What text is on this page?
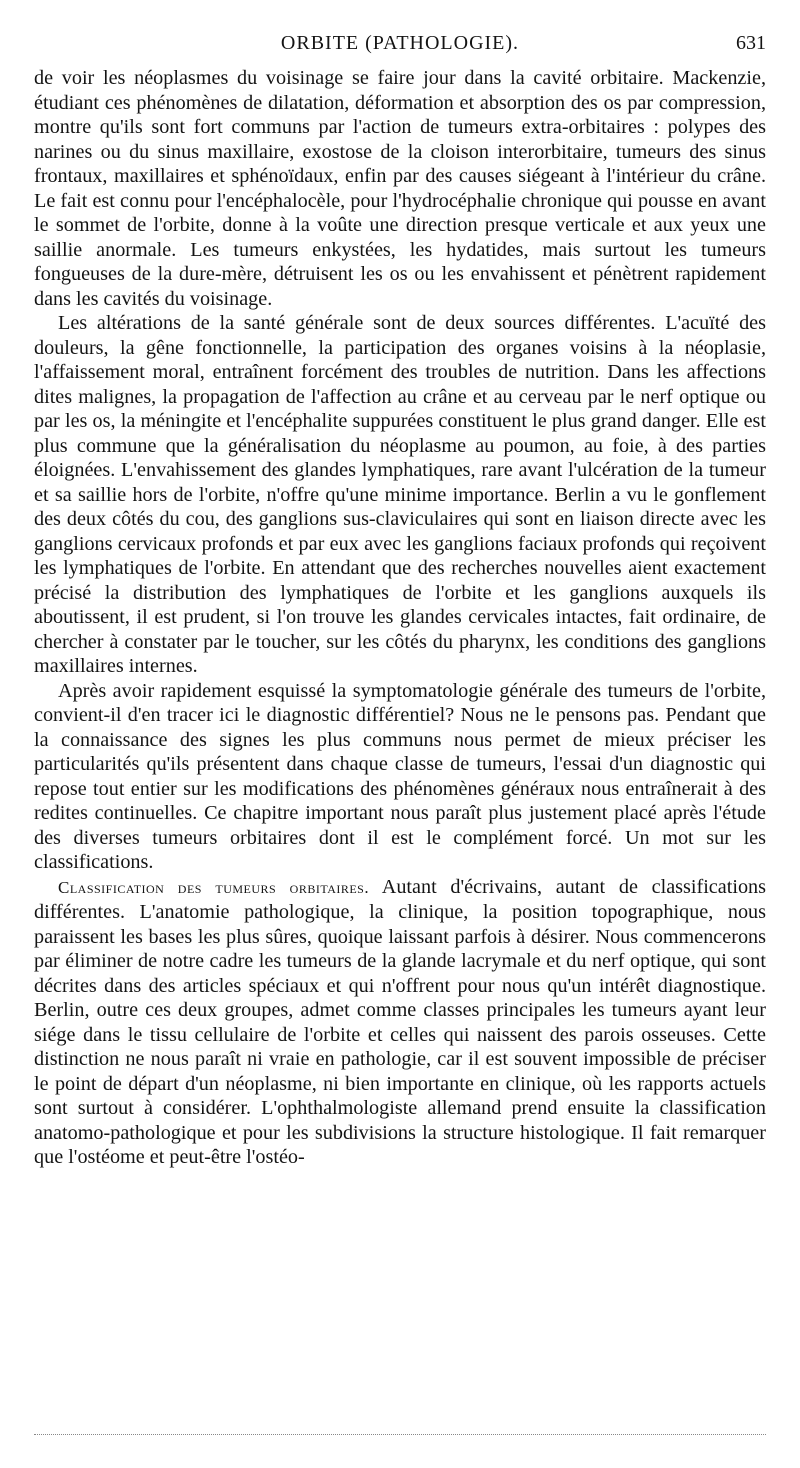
ORBITE (PATHOLOGIE).	631

de voir les néoplasmes du voisinage se faire jour dans la cavité orbitaire. Mackenzie, étudiant ces phénomènes de dilatation, déformation et absorption des os par compression, montre qu'ils sont fort communs par l'action de tumeurs extra-orbitaires : polypes des narines ou du sinus maxillaire, exostose de la cloison interorbitaire, tumeurs des sinus frontaux, maxillaires et sphénoïdaux, enfin par des causes siégeant à l'intérieur du crâne. Le fait est connu pour l'encéphalocèle, pour l'hydrocéphalie chronique qui pousse en avant le sommet de l'orbite, donne à la voûte une direction presque verticale et aux yeux une saillie anormale. Les tumeurs enkystées, les hydatides, mais surtout les tumeurs fongueuses de la dure-mère, détruisent les os ou les envahissent et pénètrent rapidement dans les cavités du voisinage.

Les altérations de la santé générale sont de deux sources différentes. L'acuïté des douleurs, la gêne fonctionnelle, la participation des organes voisins à la néoplasie, l'affaissement moral, entraînent forcément des troubles de nutrition. Dans les affections dites malignes, la propagation de l'affection au crâne et au cerveau par le nerf optique ou par les os, la méningite et l'encéphalite suppurées constituent le plus grand danger. Elle est plus commune que la généralisation du néoplasme au poumon, au foie, à des parties éloignées. L'envahissement des glandes lymphatiques, rare avant l'ulcération de la tumeur et sa saillie hors de l'orbite, n'offre qu'une minime importance. Berlin a vu le gonflement des deux côtés du cou, des ganglions sus-claviculaires qui sont en liaison directe avec les ganglions cervicaux profonds et par eux avec les ganglions faciaux profonds qui reçoivent les lymphatiques de l'orbite. En attendant que des recherches nouvelles aient exactement précisé la distribution des lymphatiques de l'orbite et les ganglions auxquels ils aboutissent, il est prudent, si l'on trouve les glandes cervicales intactes, fait ordinaire, de chercher à constater par le toucher, sur les côtés du pharynx, les conditions des ganglions maxillaires internes.

Après avoir rapidement esquissé la symptomatologie générale des tumeurs de l'orbite, convient-il d'en tracer ici le diagnostic différentiel? Nous ne le pensons pas. Pendant que la connaissance des signes les plus communs nous permet de mieux préciser les particularités qu'ils présentent dans chaque classe de tumeurs, l'essai d'un diagnostic qui repose tout entier sur les modifications des phénomènes généraux nous entraînerait à des redites continuelles. Ce chapitre important nous paraît plus justement placé après l'étude des diverses tumeurs orbitaires dont il est le complément forcé. Un mot sur les classifications.

Classification des tumeurs orbitaires. Autant d'écrivains, autant de classifications différentes. L'anatomie pathologique, la clinique, la position topographique, nous paraissent les bases les plus sûres, quoique laissant parfois à désirer. Nous commencerons par éliminer de notre cadre les tumeurs de la glande lacrymale et du nerf optique, qui sont décrites dans des articles spéciaux et qui n'offrent pour nous qu'un intérêt diagnostique. Berlin, outre ces deux groupes, admet comme classes principales les tumeurs ayant leur siége dans le tissu cellulaire de l'orbite et celles qui naissent des parois osseuses. Cette distinction ne nous paraît ni vraie en pathologie, car il est souvent impossible de préciser le point de départ d'un néoplasme, ni bien importante en clinique, où les rapports actuels sont surtout à considérer. L'ophthalmologiste allemand prend ensuite la classification anatomo-pathologique et pour les subdivisions la structure histologique. Il fait remarquer que l'ostéome et peut-être l'ostéo-
